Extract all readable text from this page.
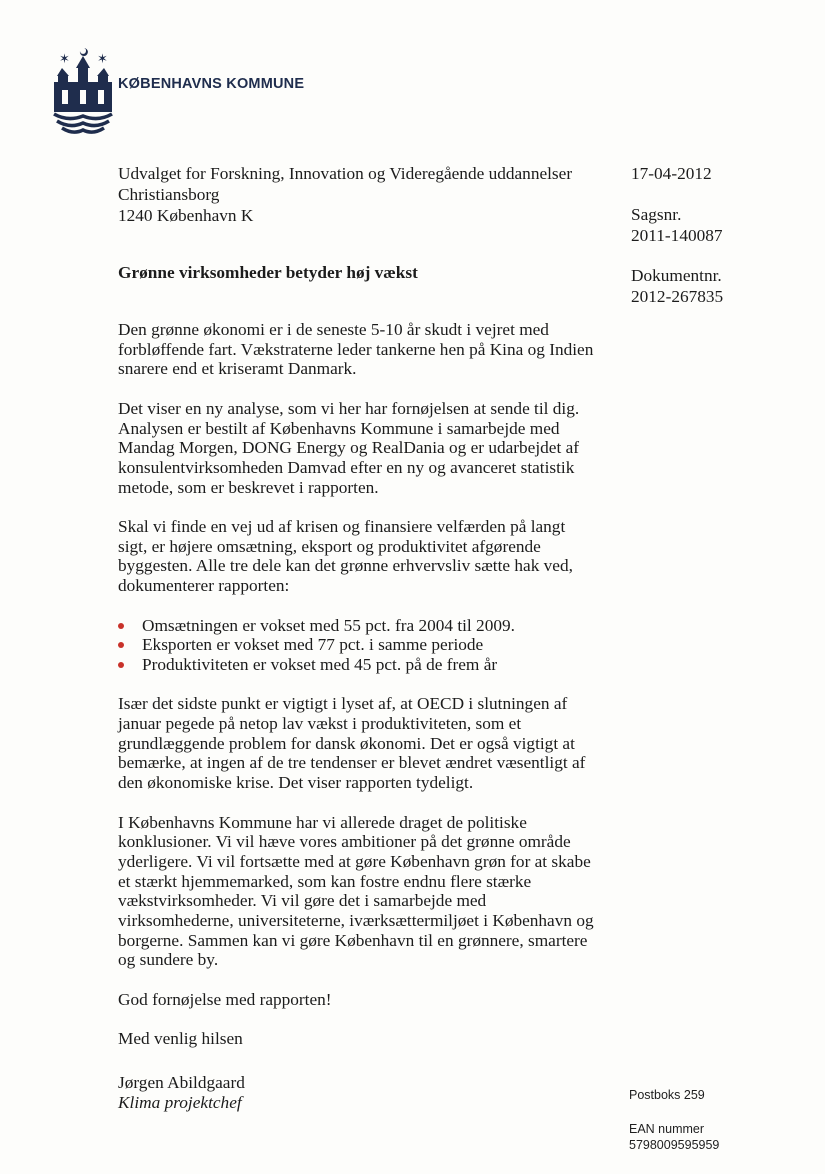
✶ ✶
KØBENHAVNS KOMMUNE
Udvalget for Forskning, Innovation og Videregående uddannelser
Christiansborg
1240 København K
17-04-2012
Sagsnr.
2011-140087
Dokumentnr.
2012-267835
Grønne virksomheder betyder høj vækst

Den grønne økonomi er i de seneste 5-10 år skudt i vejret med forbløffende fart. Vækstraterne leder tankerne hen på Kina og Indien snarere end et kriseramt Danmark.

Det viser en ny analyse, som vi her har fornøjelsen at sende til dig. Analysen er bestilt af Københavns Kommune i samarbejde med Mandag Morgen, DONG Energy og RealDania og er udarbejdet af konsulentvirksomheden Damvad efter en ny og avanceret statistik metode, som er beskrevet i rapporten.

Skal vi finde en vej ud af krisen og finansiere velfærden på langt sigt, er højere omsætning, eksport og produktivitet afgørende byggesten. Alle tre dele kan det grønne erhvervsliv sætte hak ved, dokumenterer rapporten:

Omsætningen er vokset med 55 pct. fra 2004 til 2009.
Eksporten er vokset med 77 pct. i samme periode
Produktiviteten er vokset med 45 pct. på de frem år

Især det sidste punkt er vigtigt i lyset af, at OECD i slutningen af januar pegede på netop lav vækst i produktiviteten, som et grundlæggende problem for dansk økonomi. Det er også vigtigt at bemærke, at ingen af de tre tendenser er blevet ændret væsentligt af den økonomiske krise. Det viser rapporten tydeligt.

I Københavns Kommune har vi allerede draget de politiske konklusioner. Vi vil hæve vores ambitioner på det grønne område yderligere. Vi vil fortsætte med at gøre København grøn for at skabe et stærkt hjemmemarked, som kan fostre endnu flere stærke vækstvirksomheder. Vi vil gøre det i samarbejde med virksomhederne, universiteterne, iværksættermiljøet i København og borgerne. Sammen kan vi gøre København til en grønnere, smartere og sundere by.

God fornøjelse med rapporten!

Med venlig hilsen

Jørgen Abildgaard
Klima projektchef	Postboks 259
EAN nummer
5798009595959
